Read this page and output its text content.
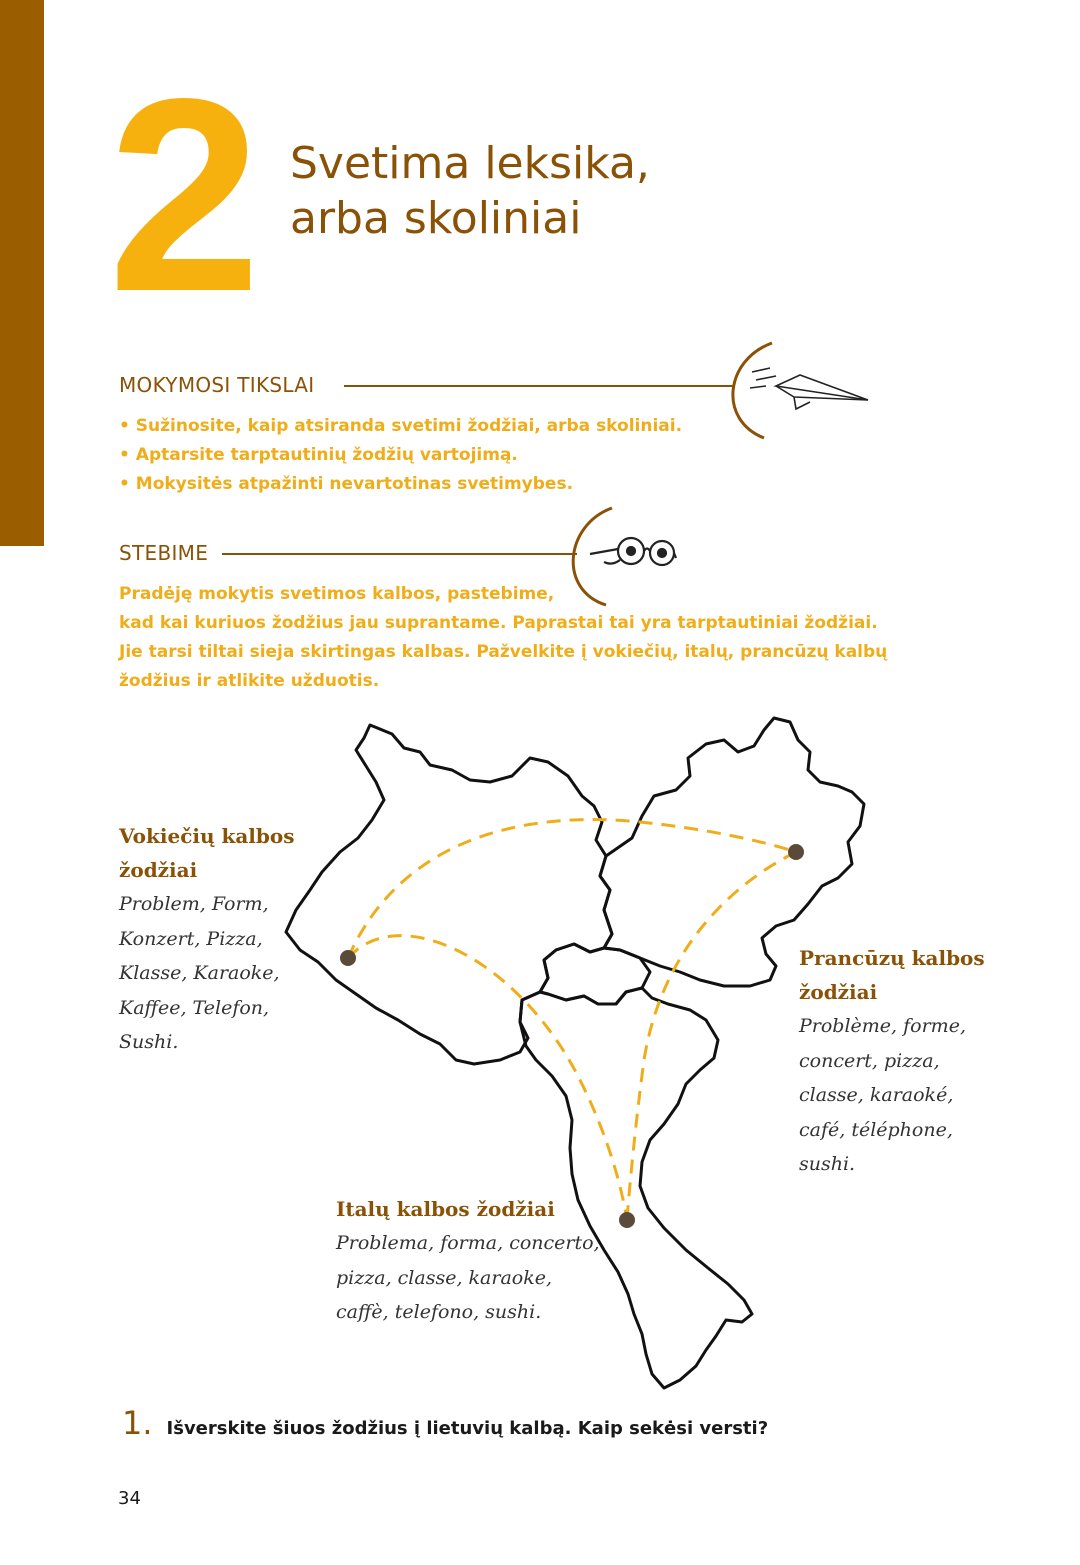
2 Svetima leksika,
arba skoliniai
MOKYMOSI TIKSLAI
• Sužinosite, kaip atsiranda svetimi žodžiai, arba skoliniai.
• Aptarsite tarptautinių žodžių vartojimą.
• Mokysitės atpažinti nevartotinas svetimybes.
STEBIME

Pradėję mokytis svetimos kalbos, pastebime,
kad kai kuriuos žodžius jau suprantame. Paprastai tai yra tarptautiniai žodžiai.
Jie tarsi tiltai sieja skirtingas kalbas. Pažvelkite į vokiečių, italų, prancūzų kalbų
žodžius ir atlikite užduotis.

Vokiečių kalbos
žodžiai
Problem, Form,
Konzert, Pizza,
Klasse, Karaoke,
Kaffee, Telefon,
Sushi.
Prancūzų kalbos
žodžiai
Problème, forme,
concert, pizza,
classe, karaoké,
café, téléphone,
sushi.
Italų kalbos žodžiai
Problema, forma, concerto,
pizza, classe, karaoke,
caffè, telefono, sushi.
1. Išverskite šiuos žodžius į lietuvių kalbą. Kaip sekėsi versti?
34
